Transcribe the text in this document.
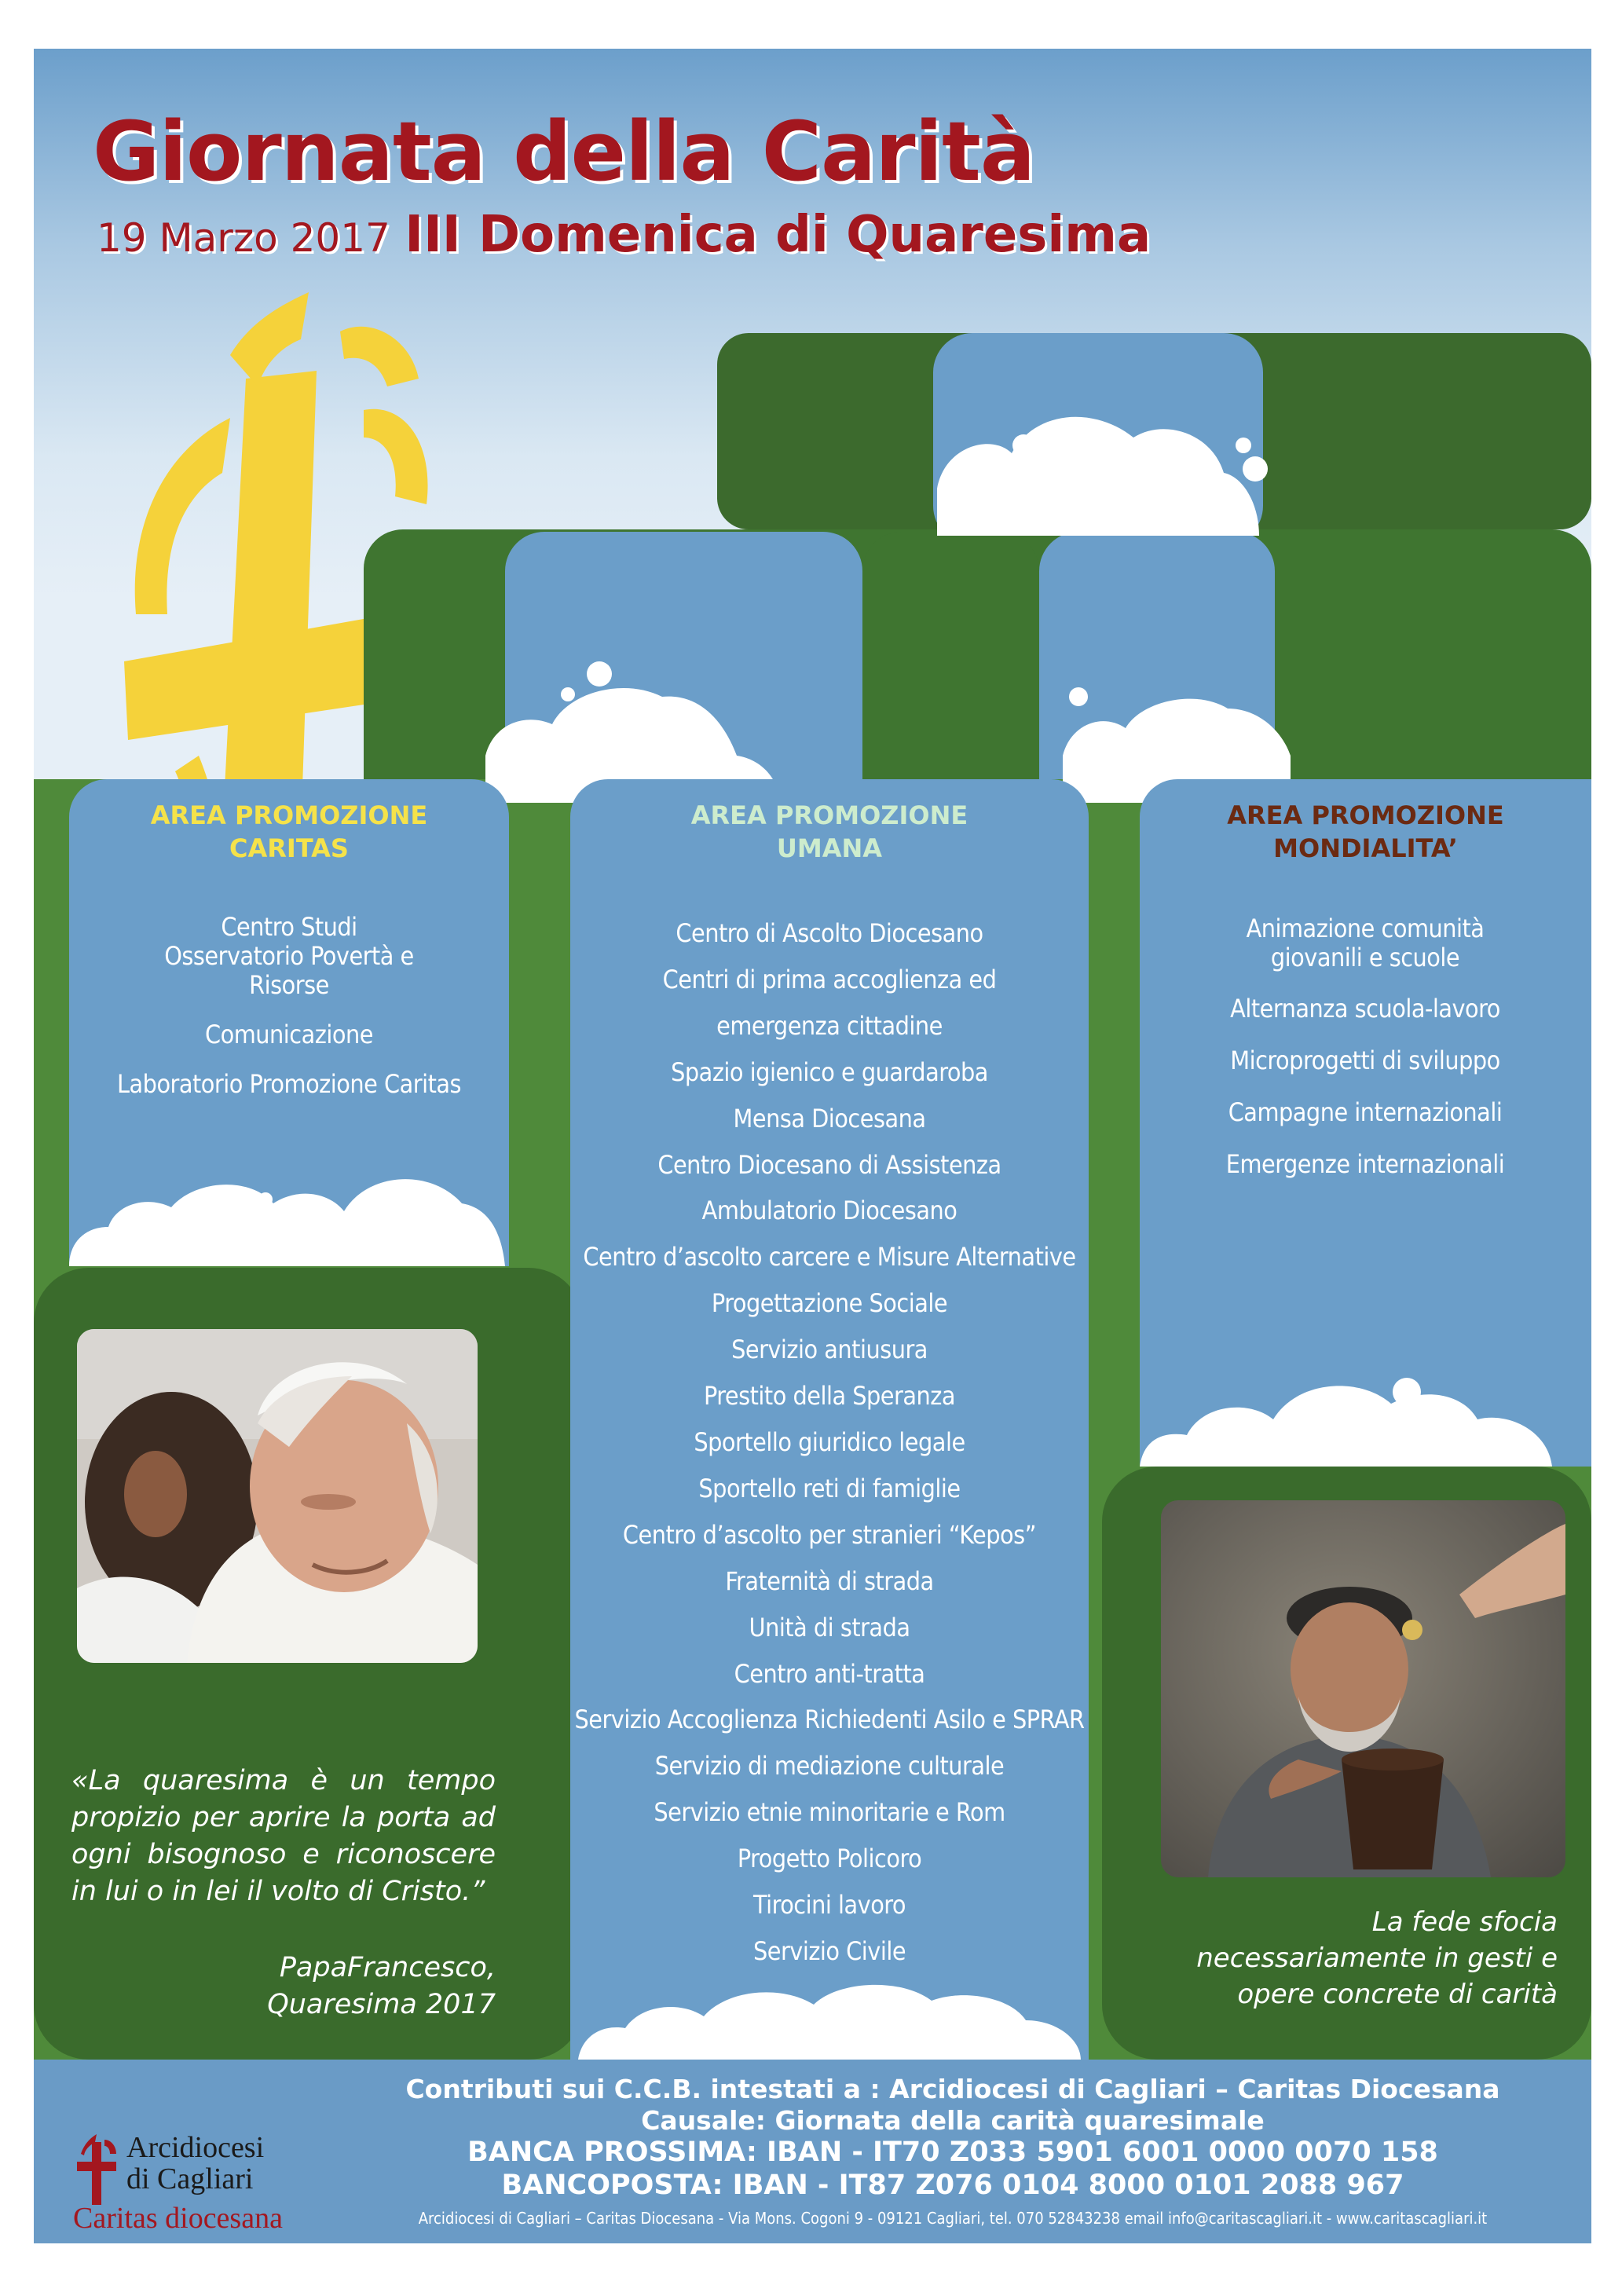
AREA PROMOZIONE
CARITAS
Centro Studi Osservatorio Povertà e Risorse
Comunicazione
Laboratorio Promozione Caritas
AREA PROMOZIONE
UMANA
Centro di Ascolto Diocesano
Centri di prima accoglienza ed
emergenza cittadine
Spazio igienico e guardaroba
Mensa Diocesana
Centro Diocesano di Assistenza
Ambulatorio Diocesano
Centro d’ascolto carcere e Misure Alternative
Progettazione Sociale
Servizio antiusura
Prestito della Speranza
Sportello giuridico legale
Sportello reti di famiglie
Centro d’ascolto per stranieri “Kepos”
Fraternità di strada
Unità di strada
Centro anti-tratta
Servizio Accoglienza Richiedenti Asilo e SPRAR
Servizio di mediazione culturale
Servizio etnie minoritarie e Rom
Progetto Policoro
Tirocini lavoro
Servizio Civile
AREA PROMOZIONE
MONDIALITA’
Animazione comunità giovanili e scuole
Alternanza scuola-lavoro
Microprogetti di sviluppo
Campagne internazionali
Emergenze internazionali
Giornata della Carità
19 Marzo 2017 III Domenica di Quaresima
«La quaresima è un tempo propizio per aprire la porta ad ogni bisognoso e riconoscere in lui o in lei il volto di Cristo.”
PapaFrancesco,
Quaresima 2017
La fede sfocia necessariamente in gesti e opere concrete di carità
Contributi sui C.C.B. intestati a : Arcidiocesi di Cagliari – Caritas Diocesana
Causale: Giornata della carità quaresimale
BANCA PROSSIMA: IBAN - IT70 Z033 5901 6001 0000 0070 158
BANCOPOSTA: IBAN - IT87 Z076 0104 8000 0101 2088 967
Arcidiocesi di Cagliari – Caritas Diocesana - Via Mons. Cogoni 9 - 09121 Cagliari, tel. 070 52843238 email info@caritascagliari.it - www.caritascagliari.it
Arcidiocesi
di Cagliari
Caritas diocesana
